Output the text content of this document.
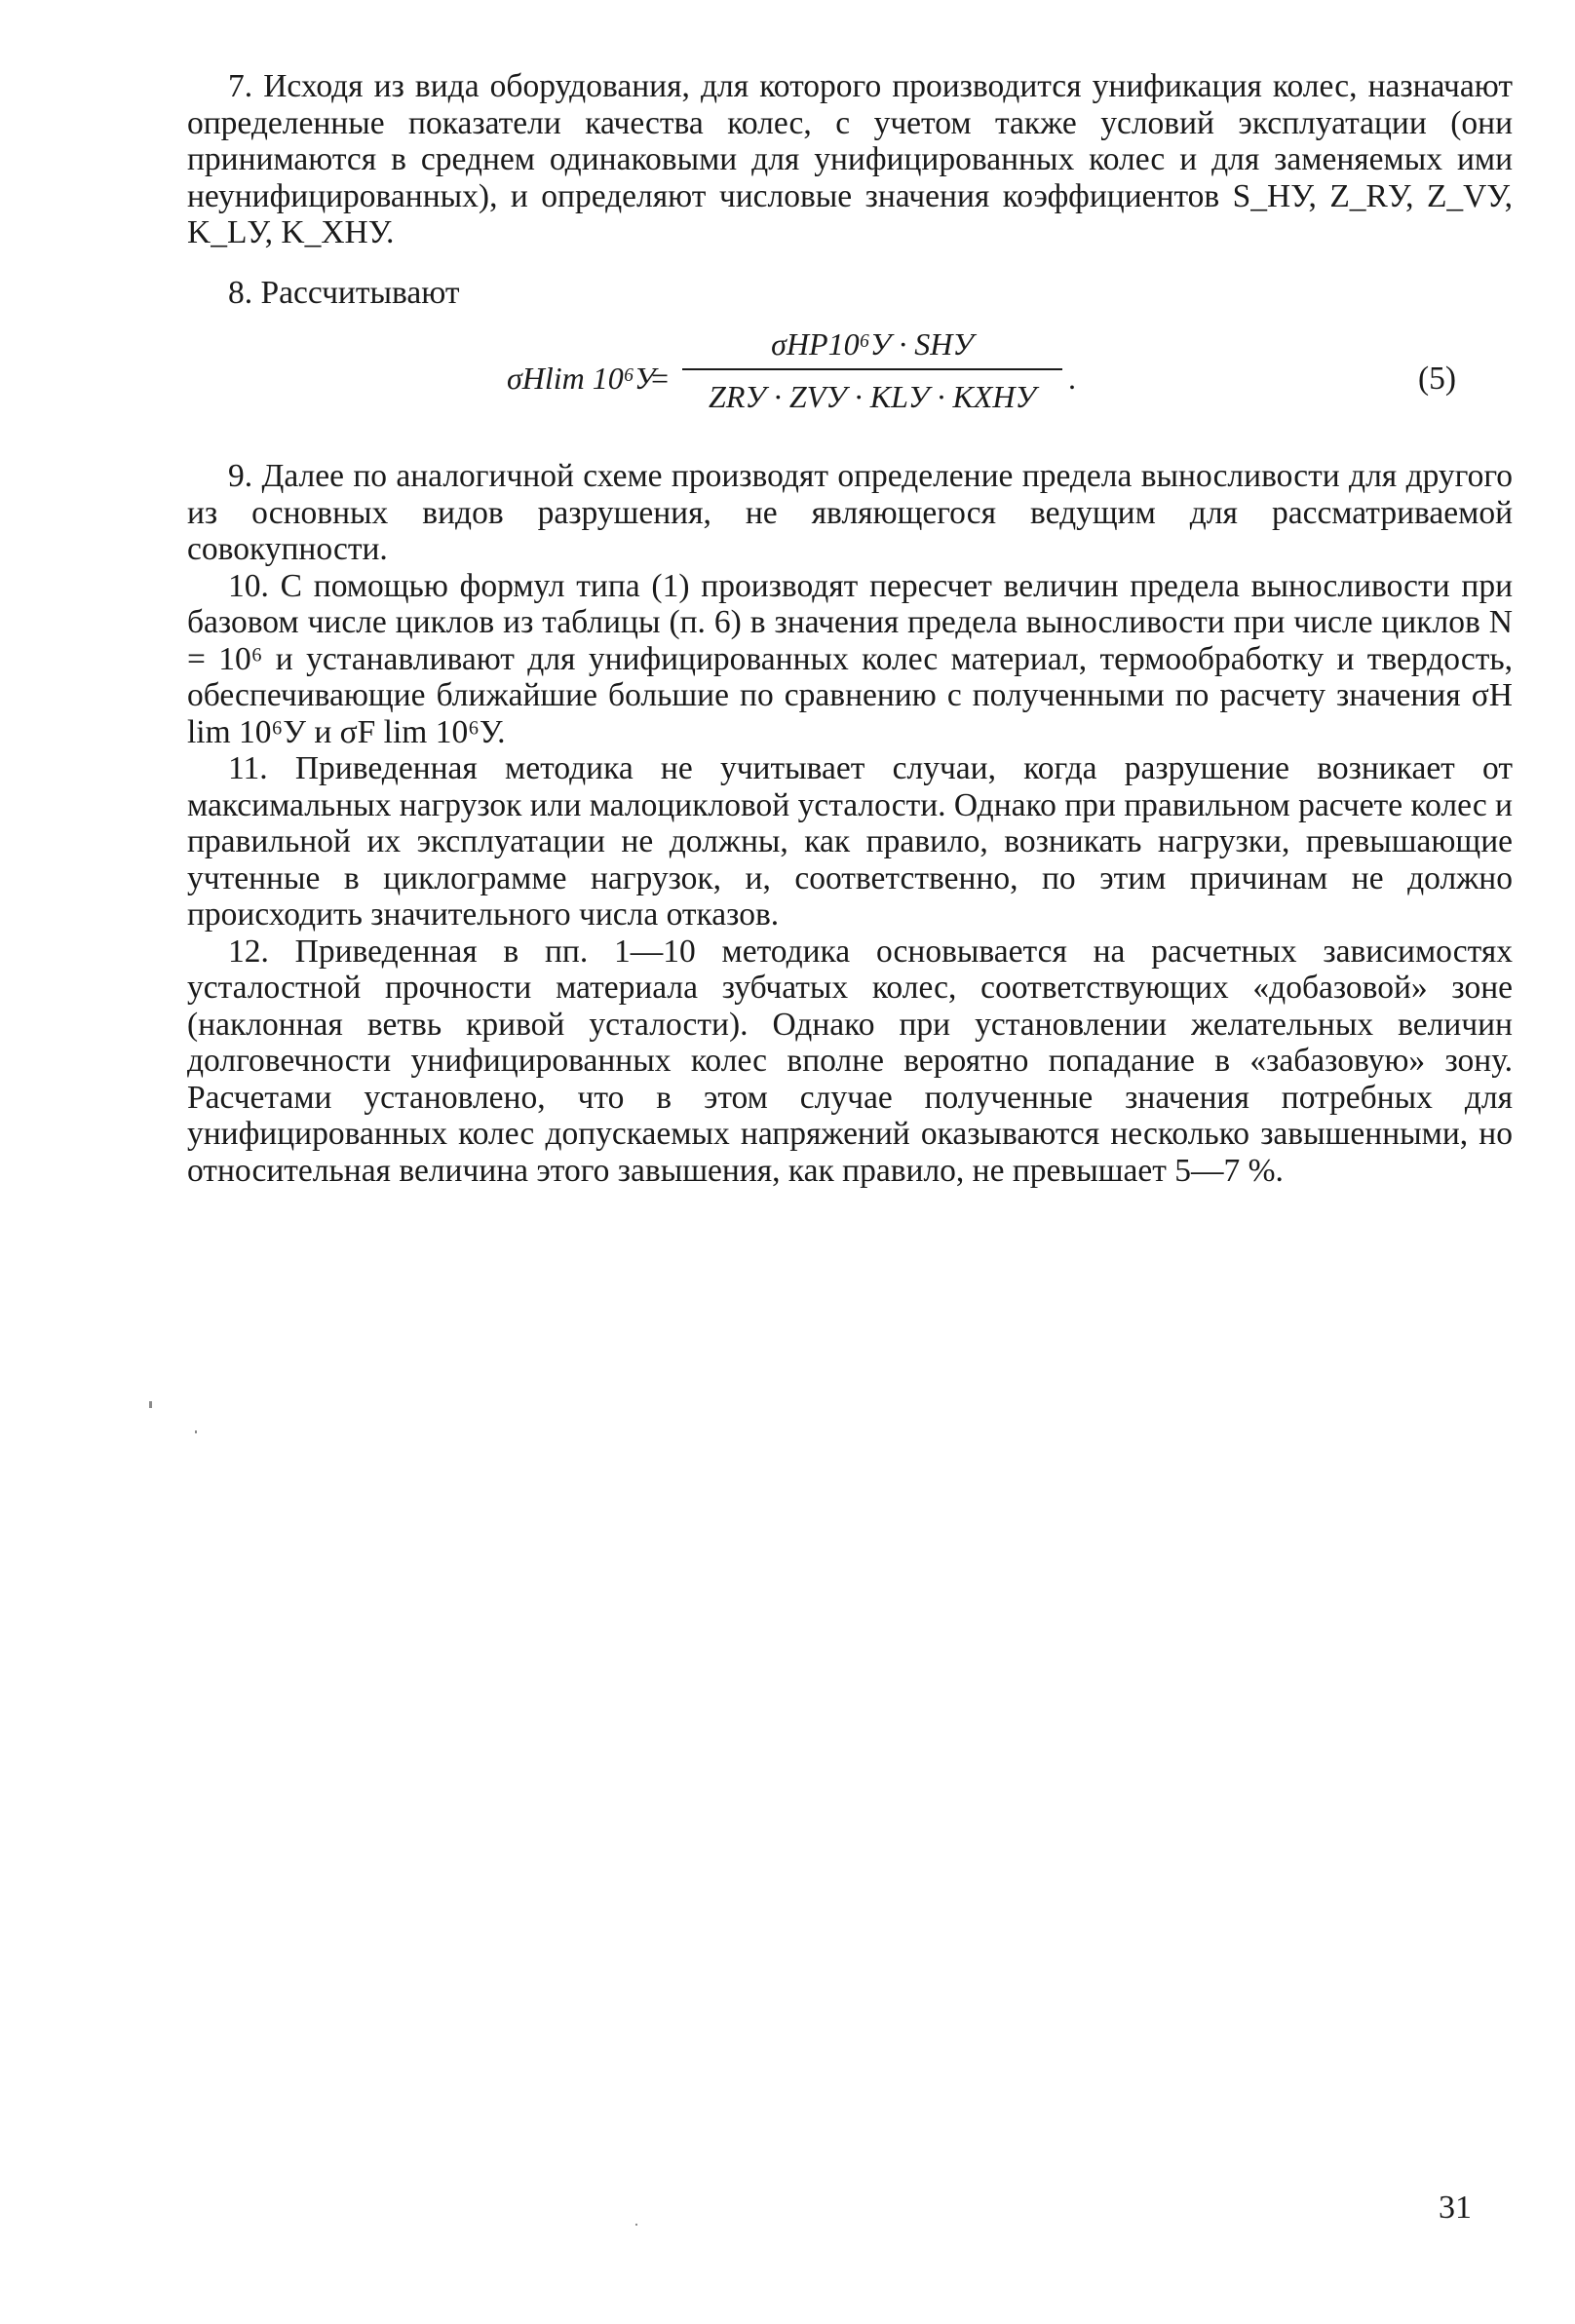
7. Исходя из вида оборудования, для которого производится унификация колес, назначают определенные показатели качества колес, с учетом также условий эксплуатации (они принимаются в среднем одинаковыми для унифицированных колес и для заменяемых ими неунифицированных), и определяют числовые значения коэффициентов S_HУ, Z_RУ, Z_VУ, K_LУ, K_XHУ.

8. Рассчитывают
σHlim 10⁶У
=
σHP10⁶У · SHУ
ZRУ · ZVУ · KLУ · KXHУ
.	(5)

9. Далее по аналогичной схеме производят определение предела выносливости для другого из основных видов разрушения, не являющегося ведущим для рассматриваемой совокупности.

10. С помощью формул типа (1) производят пересчет величин предела выносливости при базовом числе циклов из таблицы (п. 6) в значения предела выносливости при числе циклов N = 10⁶ и устанавливают для унифицированных колес материал, термообработку и твердость, обеспечивающие ближайшие большие по сравнению с полученными по расчету значения σH lim 10⁶У и σF lim 10⁶У.

11. Приведенная методика не учитывает случаи, когда разрушение возникает от максимальных нагрузок или малоцикловой усталости. Однако при правильном расчете колес и правильной их эксплуатации не должны, как правило, возникать нагрузки, превышающие учтенные в циклограмме нагрузок, и, соответственно, по этим причинам не должно происходить значительного числа отказов.

12. Приведенная в пп. 1—10 методика основывается на расчетных зависимостях усталостной прочности материала зубчатых колес, соответствующих «добазовой» зоне (наклонная ветвь кривой усталости). Однако при установлении желательных величин долговечности унифицированных колес вполне вероятно попадание в «забазовую» зону. Расчетами установлено, что в этом случае полученные значения потребных для унифицированных колес допускаемых напряжений оказываются несколько завышенными, но относительная величина этого завышения, как правило, не превышает 5—7 %.

31
